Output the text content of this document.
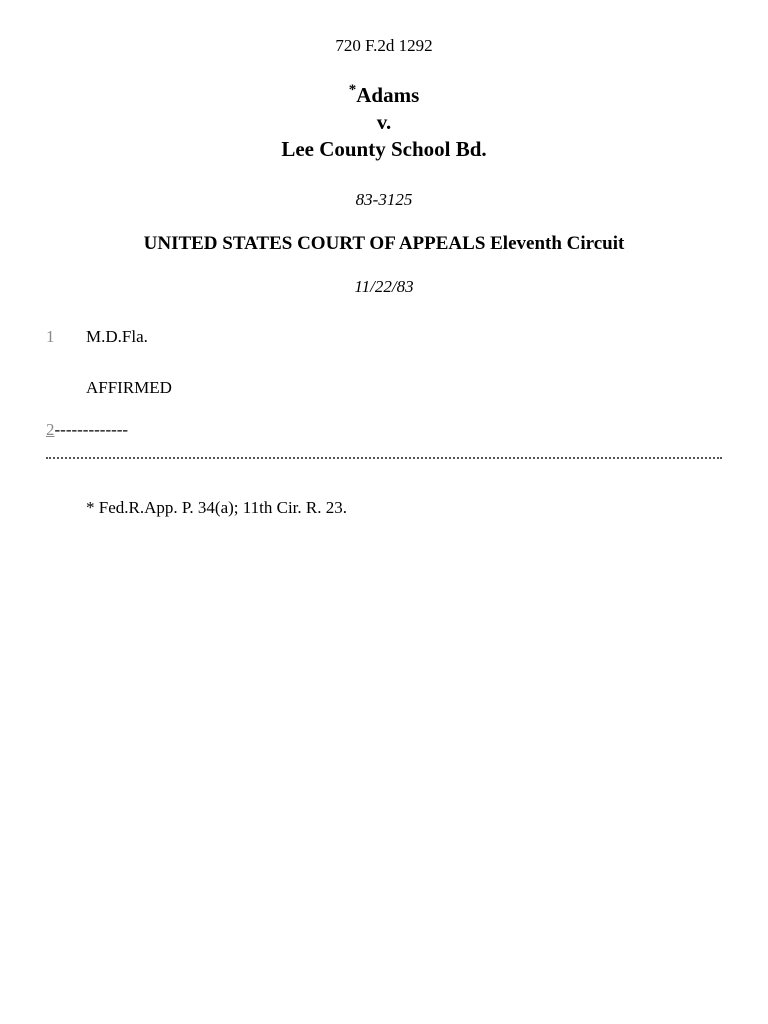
720 F.2d 1292
*Adams
v.
Lee County School Bd.
83-3125
UNITED STATES COURT OF APPEALS Eleventh Circuit
11/22/83
1 M.D.Fla.
AFFIRMED
2-------------
* Fed.R.App. P. 34(a); 11th Cir. R. 23.
